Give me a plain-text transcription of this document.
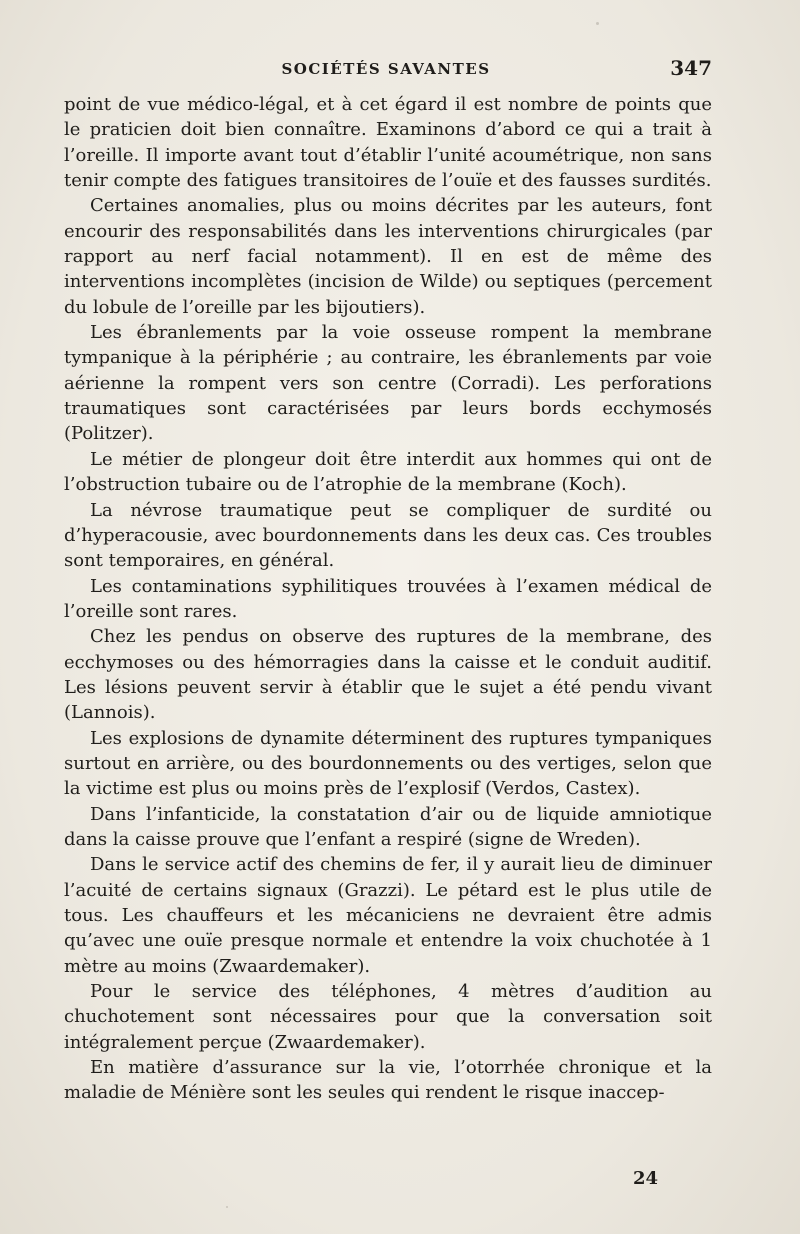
SOCIÉTÉS SAVANTES	347

point de vue médico-légal, et à cet égard il est nombre de points que le praticien doit bien connaître. Examinons d’abord ce qui a trait à l’oreille. Il importe avant tout d’établir l’unité acoumétrique, non sans tenir compte des fatigues transitoires de l’ouïe et des fausses surdités.

Certaines anomalies, plus ou moins décrites par les auteurs, font encourir des responsabilités dans les interventions chirurgicales (par rapport au nerf facial notamment). Il en est de même des interventions incomplètes (incision de Wilde) ou septiques (percement du lobule de l’oreille par les bijoutiers).

Les ébranlements par la voie osseuse rompent la membrane tympanique à la périphérie ; au contraire, les ébranlements par voie aérienne la rompent vers son centre (Corradi). Les perforations traumatiques sont caractérisées par leurs bords ecchymosés (Politzer).

Le métier de plongeur doit être interdit aux hommes qui ont de l’obstruction tubaire ou de l’atrophie de la membrane (Koch).

La névrose traumatique peut se compliquer de surdité ou d’hyperacousie, avec bourdonnements dans les deux cas. Ces troubles sont temporaires, en général.

Les contaminations syphilitiques trouvées à l’examen médical de l’oreille sont rares.

Chez les pendus on observe des ruptures de la membrane, des ecchymoses ou des hémorragies dans la caisse et le conduit auditif. Les lésions peuvent servir à établir que le sujet a été pendu vivant (Lannois).

Les explosions de dynamite déterminent des ruptures tympaniques surtout en arrière, ou des bourdonnements ou des vertiges, selon que la victime est plus ou moins près de l’explosif (Verdos, Castex).

Dans l’infanticide, la constatation d’air ou de liquide amniotique dans la caisse prouve que l’enfant a respiré (signe de Wreden).

Dans le service actif des chemins de fer, il y aurait lieu de diminuer l’acuité de certains signaux (Grazzi). Le pétard est le plus utile de tous. Les chauffeurs et les mécaniciens ne devraient être admis qu’avec une ouïe presque normale et entendre la voix chuchotée à 1 mètre au moins (Zwaardemaker).

Pour le service des téléphones, 4 mètres d’audition au chuchotement sont nécessaires pour que la conversation soit intégralement perçue (Zwaardemaker).

En matière d’assurance sur la vie, l’otorrhée chronique et la maladie de Ménière sont les seules qui rendent le risque inaccep-

24
